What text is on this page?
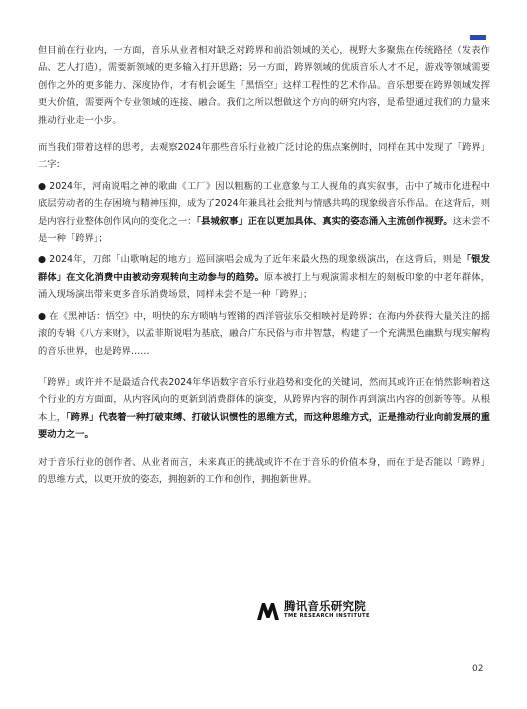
但目前在行业内，一方面，音乐从业者相对缺乏对跨界和前沿领域的关心，视野大多聚焦在传统路径（发表作品、艺人打造），需要新领域的更多输入打开思路；另一方面，跨界领域的优质音乐人才不足，游戏等领域需要创作之外的更多能力、深度协作，才有机会诞生「黑悟空」这样工程性的艺术作品。音乐想要在跨界领域发挥更大价值，需要两个专业领域的连接、融合。我们之所以想做这个方向的研究内容，是希望通过我们的力量来推动行业走一小步。

而当我们带着这样的思考，去观察2024年那些音乐行业被广泛讨论的焦点案例时，同样在其中发现了「跨界」二字:

● 2024年，河南说唱之神的歌曲《工厂》因以粗粝的工业意象与工人视角的真实叙事，击中了城市化进程中底层劳动者的生存困境与精神压抑，成为了2024年兼具社会批判与情感共鸣的现象级音乐作品。在这背后，则是内容行业整体创作风向的变化之一：「县城叙事」正在以更加具体、真实的姿态涌入主流创作视野。这未尝不是一种「跨界」；

● 2024年，刀郎「山歌响起的地方」巡回演唱会成为了近年来最火热的现象级演出，在这背后，则是「银发群体」在文化消费中由被动旁观转向主动参与的趋势。原本被打上与观演需求相左的刻板印象的中老年群体，涌入现场演出带来更多音乐消费场景，同样未尝不是一种「跨界」；

● 在《黑神话：悟空》中，明快的东方唢呐与铿锵的西洋管弦乐交相映衬是跨界；在海内外获得大量关注的摇滚的专辑《八方来财》，以孟菲斯说唱为基底，融合广东民俗与市井智慧，构建了一个充满黑色幽默与现实解构的音乐世界，也是跨界……

「跨界」或许并不是最适合代表2024年华语数字音乐行业趋势和变化的关键词，然而其或许正在悄然影响着这个行业的方方面面，从内容风向的更新到消费群体的演变，从跨界内容的制作再到演出内容的创新等等。从根本上，「跨界」代表着一种打破束缚、打破认识惯性的思维方式，而这种思维方式，正是推动行业向前发展的重要动力之一。

对于音乐行业的创作者、从业者而言，未来真正的挑战或许不在于音乐的价值本身，而在于是否能以「跨界」的思维方式，以更开放的姿态，拥抱新的工作和创作，拥抱新世界。

腾讯音乐研究院
TME RESEARCH INSTITUTE
02
